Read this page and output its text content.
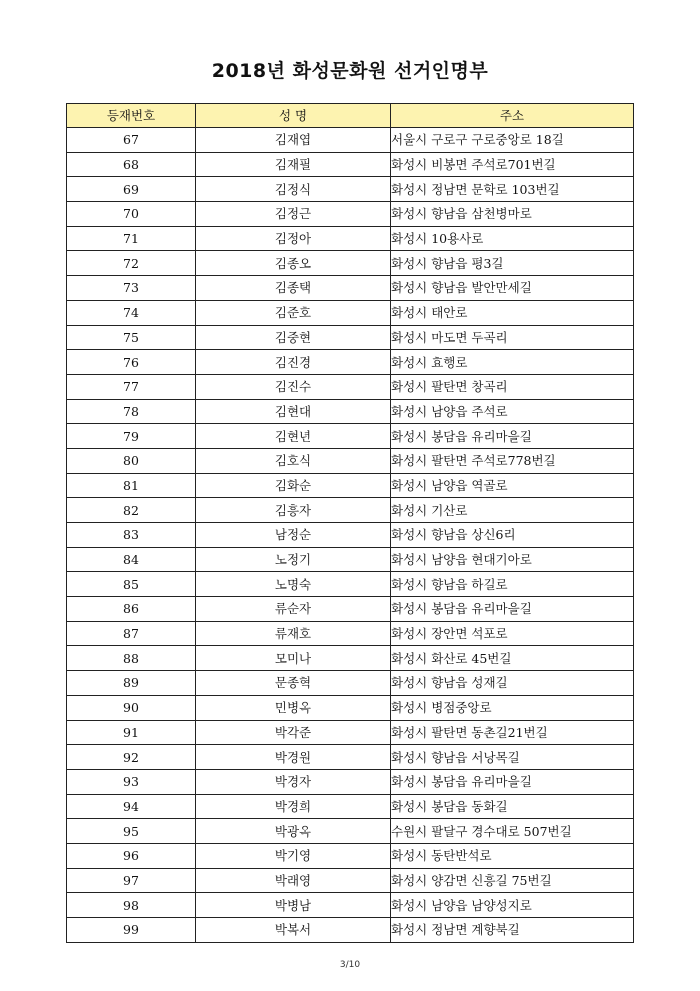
2018년 화성문화원 선거인명부
등재번호	성 명	주소
67	김재엽	서울시 구로구 구로중앙로 18길
68	김재필	화성시 비봉면 주석로701번길
69	김정식	화성시 정남면 문학로 103번길
70	김정근	화성시 향남읍 삼천병마로
71	김정아	화성시 10용사로
72	김종오	화성시 향남읍 평3길
73	김종택	화성시 향남읍 발안만세길
74	김준호	화성시 태안로
75	김중현	화성시 마도면 두곡리
76	김진경	화성시 효행로
77	김진수	화성시 팔탄면 창곡리
78	김현대	화성시 남양읍 주석로
79	김현년	화성시 봉담읍 유리마을길
80	김호식	화성시 팔탄면 주석로778번길
81	김화순	화성시 남양읍 역골로
82	김흥자	화성시 기산로
83	남정순	화성시 향남읍 상신6리
84	노정기	화성시 남양읍 현대기아로
85	노명숙	화성시 향남읍 하길로
86	류순자	화성시 봉담읍 유리마을길
87	류재호	화성시 장안면 석포로
88	모미나	화성시 화산로 45번길
89	문종혁	화성시 향남읍 성재길
90	민병옥	화성시 병점중앙로
91	박각준	화성시 팔탄면 동촌길21번길
92	박경원	화성시 향남읍 서낭목길
93	박경자	화성시 봉담읍 유리마을길
94	박경희	화성시 봉담읍 동화길
95	박광옥	수원시 팔달구 경수대로 507번길
96	박기영	화성시 동탄반석로
97	박래영	화성시 양감면 신흥길 75번길
98	박병남	화성시 남양읍 남양성지로
99	박복서	화성시 정남면 계향북길
3/10
